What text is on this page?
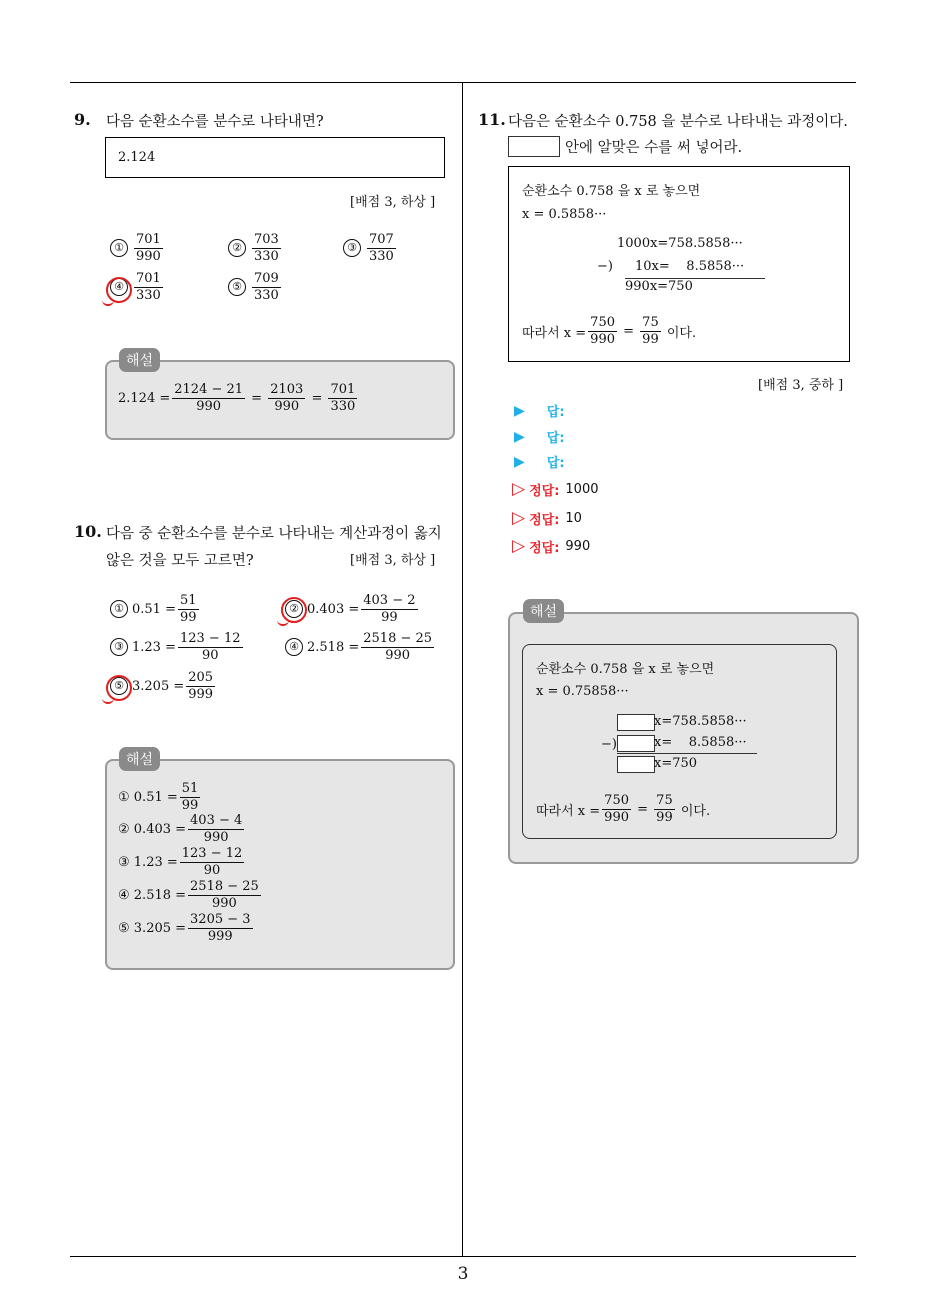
3
9. 다음 순환소수를 분수로 나타내면?
2.124
[배점 3, 하상 ]
① $\frac{701}{990}$	② $\frac{703}{330}$	③ $\frac{707}{330}$
④ $\frac{701}{330}$	⑤ $\frac{709}{330}$
해설
$2.124 = \frac{2124 - 21}{990} = \frac{2103}{990} = \frac{701}{330}$
10. 다음 중 순환소수를 분수로 나타내는 계산과정이 옳지
않은 것을 모두 고르면?	[배점 3, 하상 ]
① $0.51 = \frac{51}{99}$	② $0.403 = \frac{403 - 2}{99}$
③ $1.23 = \frac{123 - 12}{90}$	④ $2.518 = \frac{2518 - 25}{990}$
⑤ $3.205 = \frac{205}{999}$
해설
① $0.51 = \frac{51}{99}$
② $0.403 = \frac{403 - 4}{990}$
③ $1.23 = \frac{123 - 12}{90}$
④ $2.518 = \frac{2518 - 25}{990}$
⑤ $3.205 = \frac{3205 - 3}{999}$
11. 다음은 순환소수 0.758 을 분수로 나타내는 과정이다.
안에 알맞은 수를 써 넣어라.
순환소수 0.758 을 x 로 놓으면
x = 0.5858···
1000x=758.5858···
−) 10x=    8.5858···
990x=750
따라서 $x = \frac{750}{990} = \frac{75}{99}$
이다.
[배점 3, 중하 ]
▶ 답:
▶ 답:
▶ 답:
▷ 정답: 1000
▷ 정답: 10
▷ 정답: 990
해설
순환소수 0.758 을 x 로 놓으면
x = 0.75858···
x=758.5858···
−)	x=    8.5858···
x=750
따라서 $x = \frac{750}{990} = \frac{75}{99}$
이다.
